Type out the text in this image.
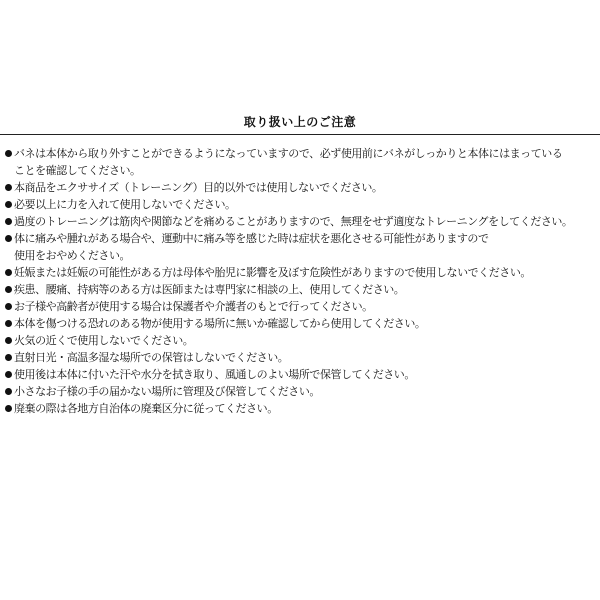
取り扱い上のご注意
バネは本体から取り外すことができるようになっていますので、必ず使用前にバネがしっかりと本体にはまっている
ことを確認してください。
本商品をエクササイズ（トレーニング）目的以外では使用しないでください。
必要以上に力を入れて使用しないでください。
過度のトレーニングは筋肉や関節などを痛めることがありますので、無理をせず適度なトレーニングをしてください。
体に痛みや腫れがある場合や、運動中に痛み等を感じた時は症状を悪化させる可能性がありますので
使用をおやめください。
妊娠または妊娠の可能性がある方は母体や胎児に影響を及ぼす危険性がありますので使用しないでください。
疾患、腰痛、持病等のある方は医師または専門家に相談の上、使用してください。
お子様や高齢者が使用する場合は保護者や介護者のもとで行ってください。
本体を傷つける恐れのある物が使用する場所に無いか確認してから使用してください。
火気の近くで使用しないでください。
直射日光・高温多湿な場所での保管はしないでください。
使用後は本体に付いた汗や水分を拭き取り、風通しのよい場所で保管してください。
小さなお子様の手の届かない場所に管理及び保管してください。
廃棄の際は各地方自治体の廃棄区分に従ってください。
